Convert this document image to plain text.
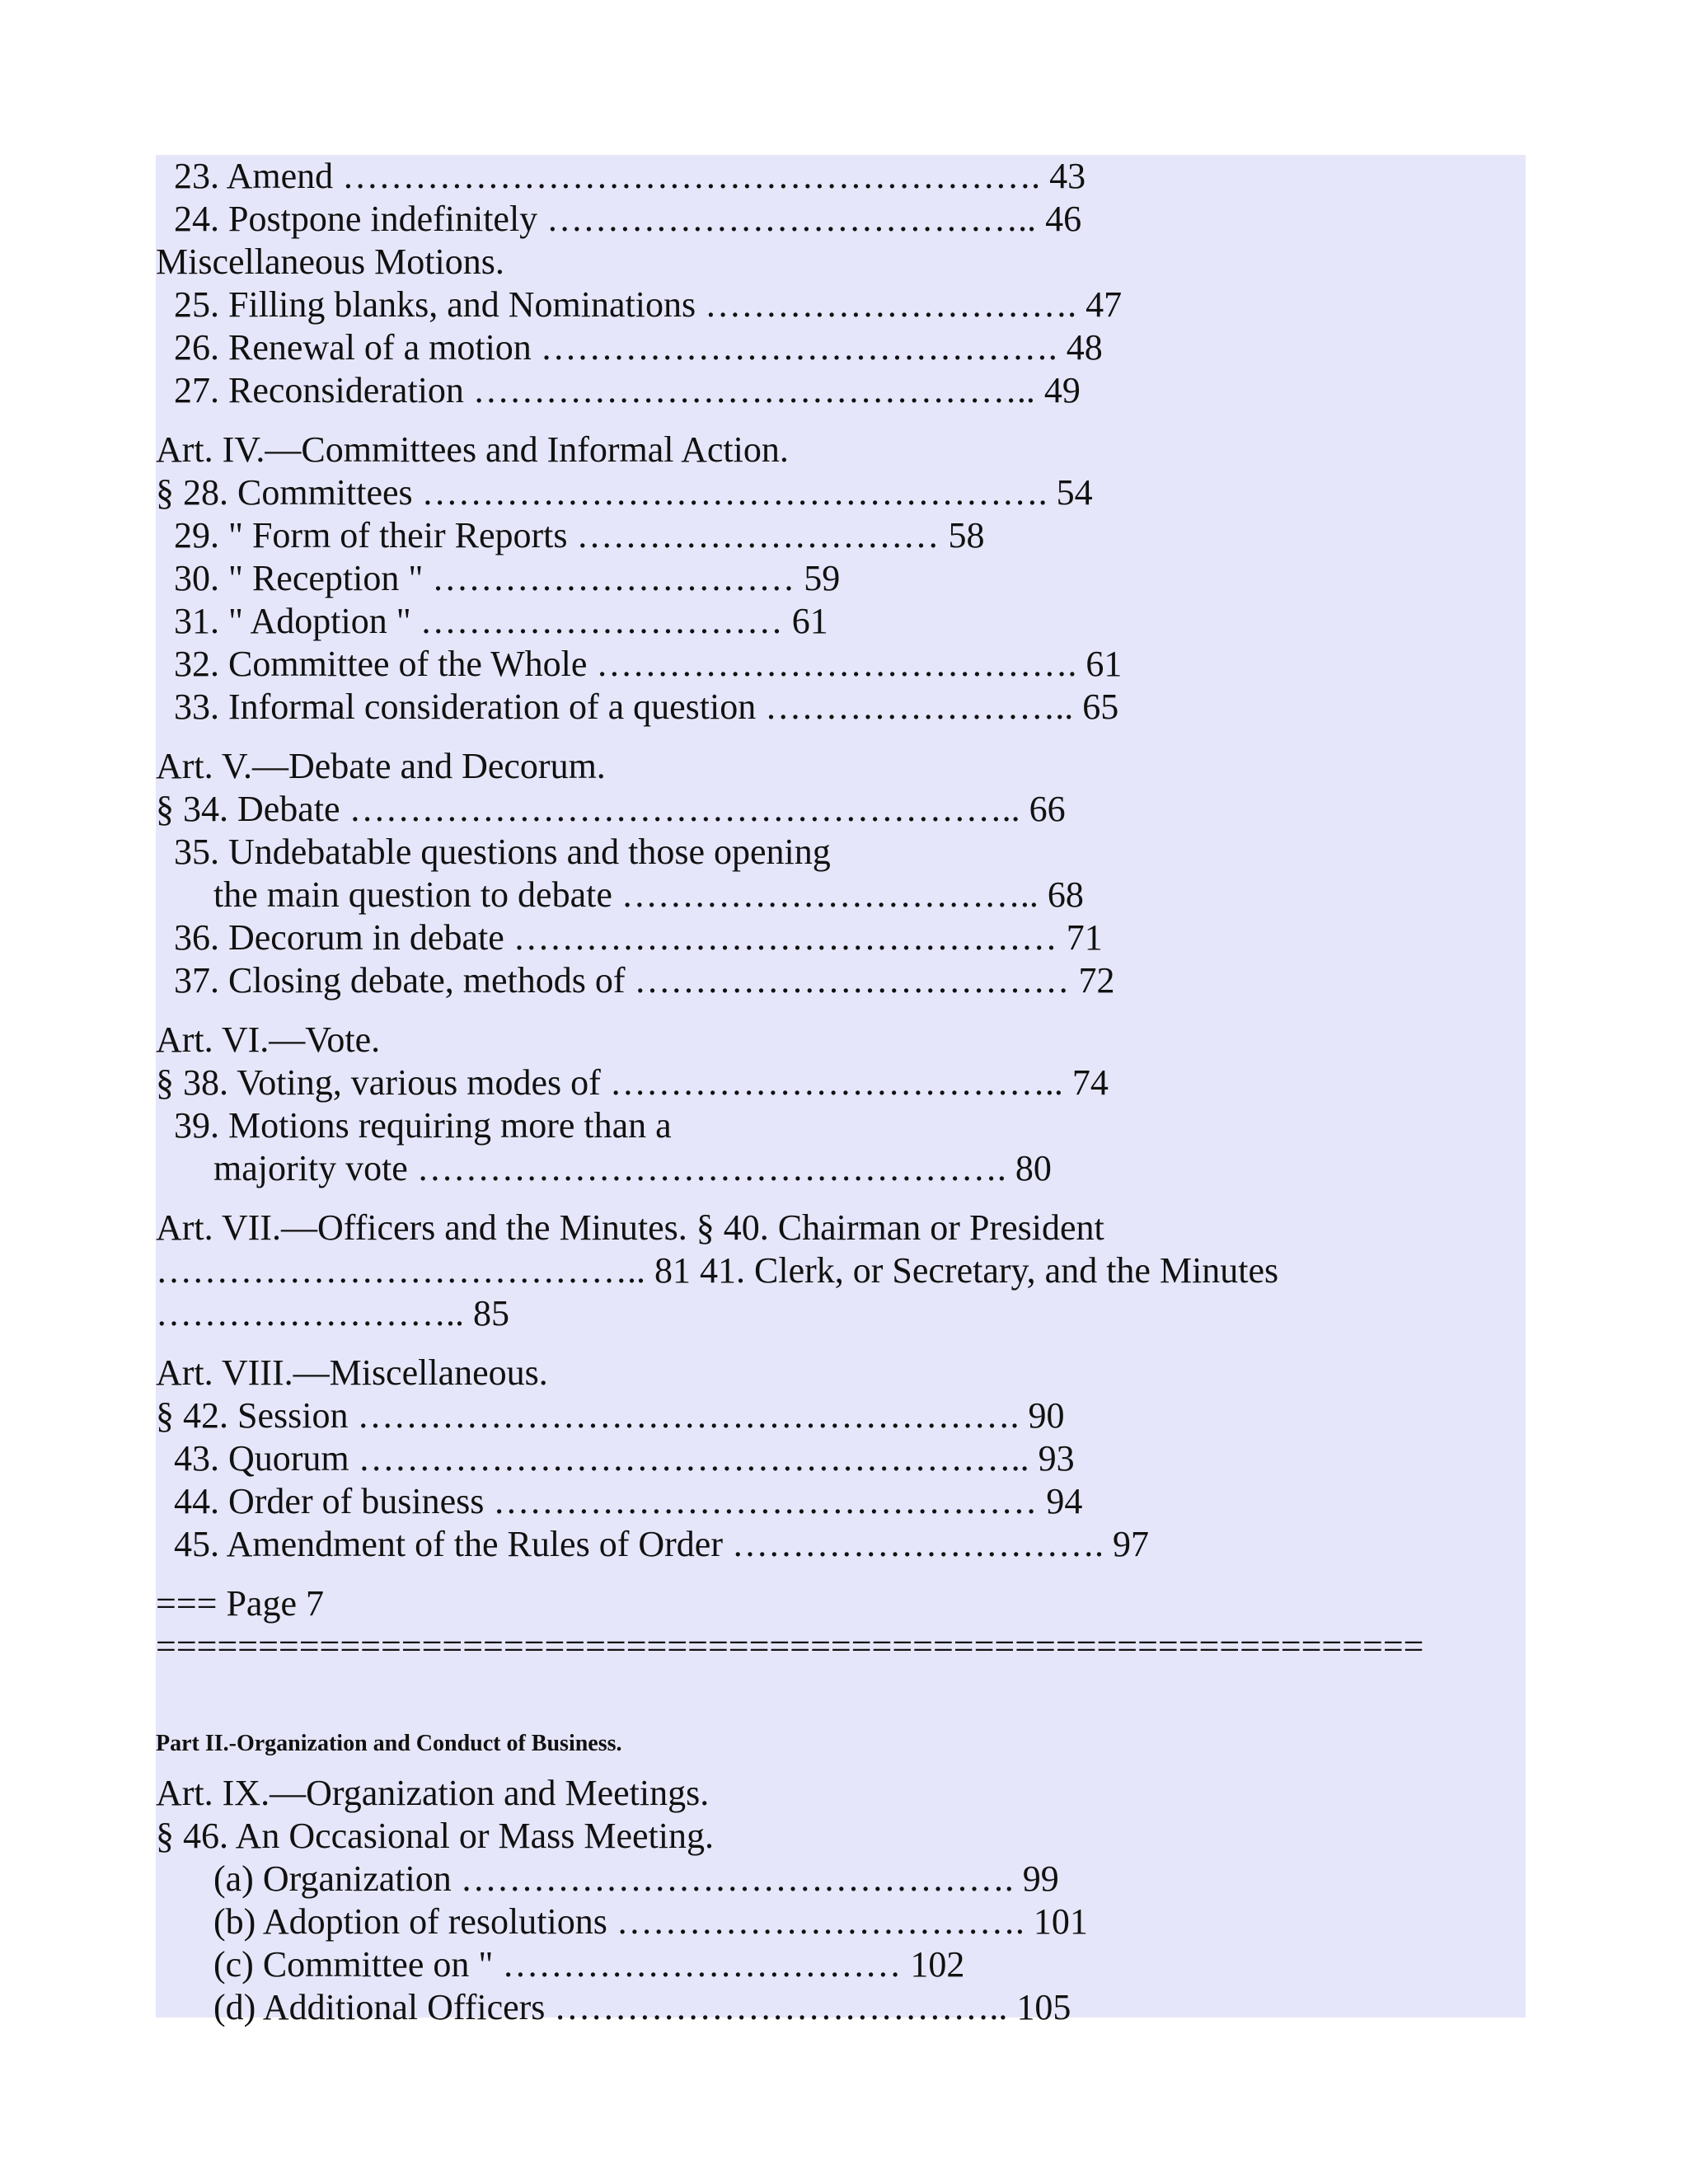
23. Amend …………………………………………………. 43

24. Postpone indefinitely ………………………………….. 46

Miscellaneous Motions.

25. Filling blanks, and Nominations …………………………. 47

26. Renewal of a motion ……………………………………. 48

27. Reconsideration ……………………………………….. 49

Art. IV.—Committees and Informal Action.

§ 28. Committees ……………………………………………. 54

29. " Form of their Reports ………………………… 58

30. " Reception " ………………………… 59

31. " Adoption " ………………………… 61

32. Committee of the Whole …………………………………. 61

33. Informal consideration of a question …………………….. 65

Art. V.—Debate and Decorum.

§ 34. Debate ……………………………………………….. 66

35. Undebatable questions and those opening

the main question to debate …………………………….. 68

36. Decorum in debate ……………………………………… 71

37. Closing debate, methods of ……………………………… 72

Art. VI.—Vote.

§ 38. Voting, various modes of ……………………………….. 74

39. Motions requiring more than a

majority vote …………………………………………. 80

Art. VII.—Officers and the Minutes. § 40. Chairman or President

………………………………….. 81 41. Clerk, or Secretary, and the Minutes

…………………….. 85

Art. VIII.—Miscellaneous.

§ 42. Session ………………………………………………. 90

43. Quorum ……………………………………………….. 93

44. Order of business ……………………………………… 94

45. Amendment of the Rules of Order …………………………. 97

=== Page 7

==============================================================

Part II.-Organization and Conduct of Business.

Art. IX.—Organization and Meetings.

§ 46. An Occasional or Mass Meeting.

(a) Organization ………………………………………. 99

(b) Adoption of resolutions ……………………………. 101

(c) Committee on " …………………………… 102

(d) Additional Officers ……………………………….. 105
